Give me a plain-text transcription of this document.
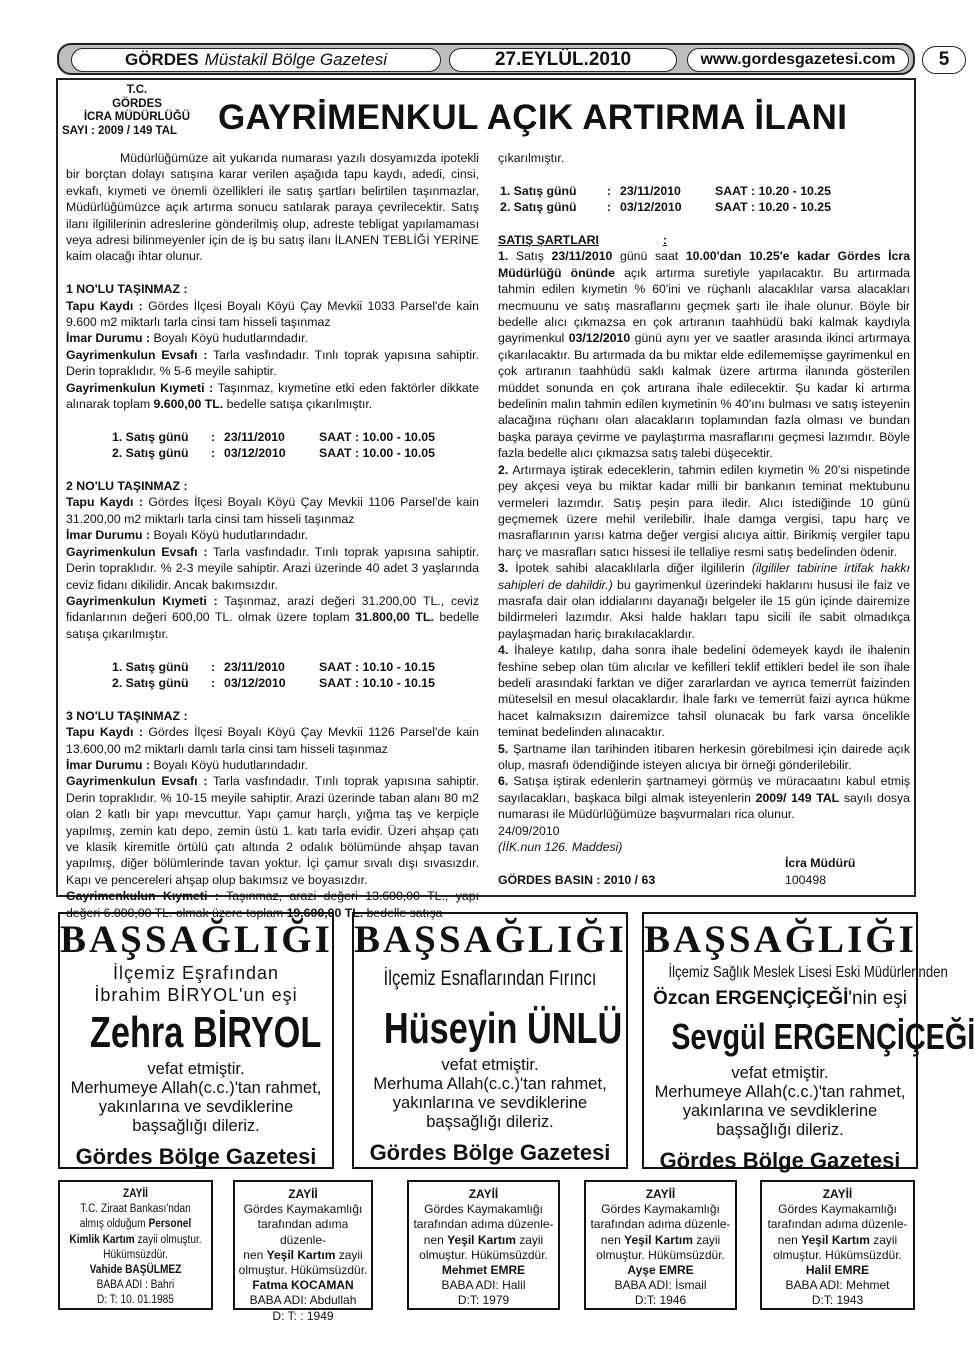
GÖRDES Müstakil Bölge Gazetesi	27.EYLÜL.2010	www.gordesgazetesi.com	5
T.C.
GÖRDES
İCRA MÜDÜRLÜĞÜ
SAYI : 2009 / 149 TAL	GAYRİMENKUL AÇIK ARTIRMA İLANI

Müdürlüğümüze ait yukarıda numarası yazılı dosyamızda ipotekli bir borçtan dolayı satışına karar verilen aşağıda tapu kaydı, adedi, cinsi, evkafı, kıymeti ve önemli özellikleri ile satış şartları belirtilen taşınmazlar, Müdürlüğümüzce açık artırma sonucu satılarak paraya çevrilecektir. Satış ilanı ilgililerinin adreslerine gönderilmiş olup, adreste tebligat yapılamaması veya adresi bilinmeyenler için de iş bu satış ilanı İLANEN TEBLİĞİ YERİNE kaim olacağı ihtar olunur.

1 NO'LU TAŞINMAZ :

Tapu Kaydı : Gördes İlçesi Boyalı Köyü Çay Mevkii 1033 Parsel'de kain 9.600 m2 miktarlı tarla cinsi tam hisseli taşınmaz

İmar Durumu : Boyalı Köyü hudutlarındadır.

Gayrimenkulun Evsafı : Tarla vasfındadır. Tınlı toprak yapısına sahiptir. Derin topraklıdır. % 5-6 meyile sahiptir.

Gayrimenkulun Kıymeti : Taşınmaz, kıymetine etki eden faktörler dikkate alınarak toplam 9.600,00 TL. bedelle satışa çıkarılmıştır.

1. Satış günü	: 23/11/2010	SAAT : 10.00 - 10.05
2. Satış günü	: 03/12/2010	SAAT : 10.00 - 10.05

2 NO'LU TAŞINMAZ :

Tapu Kaydı : Gördes İlçesi Boyalı Köyü Çay Mevkii 1106 Parsel'de kain 31.200,00 m2 miktarlı tarla cinsi tam hisseli taşınmaz

İmar Durumu : Boyalı Köyü hudutlarındadır.

Gayrimenkulun Evsafı : Tarla vasfındadır. Tınlı toprak yapısına sahiptir. Derin topraklıdır. % 2-3 meyile sahiptir. Arazi üzerinde 40 adet 3 yaşlarında ceviz fidanı dikilidir. Ancak bakımsızdır.

Gayrimenkulun Kıymeti : Taşınmaz, arazi değeri 31.200,00 TL., ceviz fidanlarının değeri 600,00 TL. olmak üzere toplam 31.800,00 TL. bedelle satışa çıkarılmıştır.

1. Satış günü	: 23/11/2010	SAAT : 10.10 - 10.15
2. Satış günü	: 03/12/2010	SAAT : 10.10 - 10.15

3 NO'LU TAŞINMAZ :

Tapu Kaydı : Gördes İlçesi Boyalı Köyü Çay Mevkii 1126 Parsel'de kain 13.600,00 m2 miktarlı damlı tarla cinsi tam hisseli taşınmaz

İmar Durumu : Boyalı Köyü hudutlarındadır.

Gayrimenkulun Evsafı : Tarla vasfındadır. Tınlı toprak yapısına sahiptir. Derin topraklıdır. % 10-15 meyile sahiptir. Arazi üzerinde taban alanı 80 m2 olan 2 katlı bir yapı mevcuttur. Yapı çamur harçlı, yığma taş ve kerpiçle yapılmış, zemin katı depo, zemin üstü 1. katı tarla evidir. Üzeri ahşap çatı ve klasik kiremitle örtülü çatı altında 2 odalık bölümünde ahşap tavan yapılmış, diğer bölümlerinde tavan yoktur. İçi çamur sıvalı dışı sıvasızdır. Kapı ve pencereleri ahşap olup bakımsız ve boyasızdır.

Gayrimenkulun Kıymeti : Taşınmaz, arazi değeri 13.600,00 TL., yapı değeri 6.000,00 TL. olmak üzere toplam 19.600,00 TL. bedelle satışa

çıkarılmıştır.

1. Satış günü	: 23/11/2010	SAAT : 10.20 - 10.25
2. Satış günü	: 03/12/2010	SAAT : 10.20 - 10.25

SATIŞ ŞARTLARI	:

1. Satış 23/11/2010 günü saat 10.00'dan 10.25'e kadar Gördes İcra Müdürlüğü önünde açık artırma suretiyle yapılacaktır. Bu artırmada tahmin edilen kıymetin % 60'ini ve rüçhanlı alacaklılar varsa alacakları mecmuunu ve satış masraflarını geçmek şartı ile ihale olunur. Böyle bir bedelle alıcı çıkmazsa en çok artıranın taahhüdü baki kalmak kaydıyla gayrimenkul 03/12/2010 günü aynı yer ve saatler arasında ikinci artırmaya çıkarılacaktır. Bu artırmada da bu miktar elde edilememişse gayrimenkul en çok artıranın taahhüdü saklı kalmak üzere artırma ilanında gösterilen müddet sonunda en çok artırana ihale edilecektir. Şu kadar ki artırma bedelinin malın tahmin edilen kıymetinin % 40'ını bulması ve satış isteyenin alacağına rüçhanı olan alacakların toplamından fazla olması ve bundan başka paraya çevirme ve paylaştırma masraflarını geçmesi lazımdır. Böyle fazla bedelle alıcı çıkmazsa satış talebi düşecektir.

2. Artırmaya iştirak edeceklerin, tahmin edilen kıymetin % 20'si nispetinde pey akçesi veya bu miktar kadar milli bir bankanın teminat mektubunu vermeleri lazımdır. Satış peşin para iledir. Alıcı istediğinde 10 günü geçmemek üzere mehil verilebilir. İhale damga vergisi, tapu harç ve masraflarının yarısı katma değer vergisi alıcıya aittir. Birikmiş vergiler tapu harç ve masrafları satıcı hissesi ile tellaliye resmi satış bedelinden ödenir.

3. İpotek sahibi alacaklılarla diğer ilgililerin (ilgililer tabirine irtifak hakkı sahipleri de dahildir.) bu gayrimenkul üzerindeki haklarını hususi ile faiz ve masrafa dair olan iddialarını dayanağı belgeler ile 15 gün içinde dairemize bildirmeleri lazımdır. Aksi halde hakları tapu sicili ile sabit olmadıkça paylaşmadan hariç bırakılacaklardır.

4. İhaleye katılıp, daha sonra ihale bedelini ödemeyek kaydı ile ihalenin feshine sebep olan tüm alıcılar ve kefilleri teklif ettikleri bedel ile son ihale bedeli arasındaki farktan ve diğer zararlardan ve ayrıca temerrüt faizinden müteselsil en mesul olacaklardır. İhale farkı ve temerrüt faizi ayrıca hükme hacet kalmaksızın dairemizce tahsil olunacak bu fark varsa öncelikle teminat bedelinden alınacaktır.

5. Şartname ilan tarihinden itibaren herkesin görebilmesi için dairede açık olup, masrafı ödendiğinde isteyen alıcıya bir örneği gönderilebilir.

6. Satışa iştirak edenlerin şartnameyi görmüş ve müracaatını kabul etmiş sayılacakları, başkaca bilgi almak isteyenlerin 2009/ 149 TAL sayılı dosya numarası ile Müdürlüğümüze başvurmaları rica olunur.

24/09/2010

(İİK.nun 126. Maddesi)

İcra Müdürü

GÖRDES BASIN : 2010 / 63	100498
BAŞSAĞLIĞI
İlçemiz Eşrafından
İbrahim BİRYOL'un eşi
Zehra BİRYOL
vefat etmiştir.
Merhumeye Allah(c.c.)'tan rahmet,
yakınlarına ve sevdiklerine
başsağlığı dileriz.
Gördes Bölge Gazetesi
BAŞSAĞLIĞI
İlçemiz Esnaflarından Fırıncı
Hüseyin ÜNLÜ
vefat etmiştir.
Merhuma Allah(c.c.)'tan rahmet,
yakınlarına ve sevdiklerine
başsağlığı dileriz.
Gördes Bölge Gazetesi
BAŞSAĞLIĞI
İlçemiz Sağlık Meslek Lisesi Eski Müdürlerinden
Özcan ERGENÇİÇEĞİ'nin eşi
Sevgül ERGENÇİÇEĞİ
vefat etmiştir.
Merhumeye Allah(c.c.)'tan rahmet,
yakınlarına ve sevdiklerine
başsağlığı dileriz.
Gördes Bölge Gazetesi
ZAYİİ
T.C. Ziraat Bankası'ndan
almış olduğum Personel
Kimlik Kartım zayii olmuştur.
Hükümsüzdür.
Vahide BAŞÜLMEZ
BABA ADI : Bahri
D: T: 10. 01.1985
ZAYİİ
Gördes Kaymakamlığı
tarafından adıma düzenle-
nen Yeşil Kartım zayii
olmuştur. Hükümsüzdür.
Fatma KOCAMAN
BABA ADI: Abdullah
D: T: : 1949
ZAYİİ
Gördes Kaymakamlığı
tarafından adıma düzenle-
nen Yeşil Kartım zayii
olmuştur. Hükümsüzdür.
Mehmet EMRE
BABA ADI: Halil
D:T: 1979
ZAYİİ
Gördes Kaymakamlığı
tarafından adıma düzenle-
nen Yeşil Kartım zayii
olmuştur. Hükümsüzdür.
Ayşe EMRE
BABA ADI: İsmail
D:T: 1946
ZAYİİ
Gördes Kaymakamlığı
tarafından adıma düzenle-
nen Yeşil Kartım zayii
olmuştur. Hükümsüzdür.
Halil EMRE
BABA ADI: Mehmet
D:T: 1943
